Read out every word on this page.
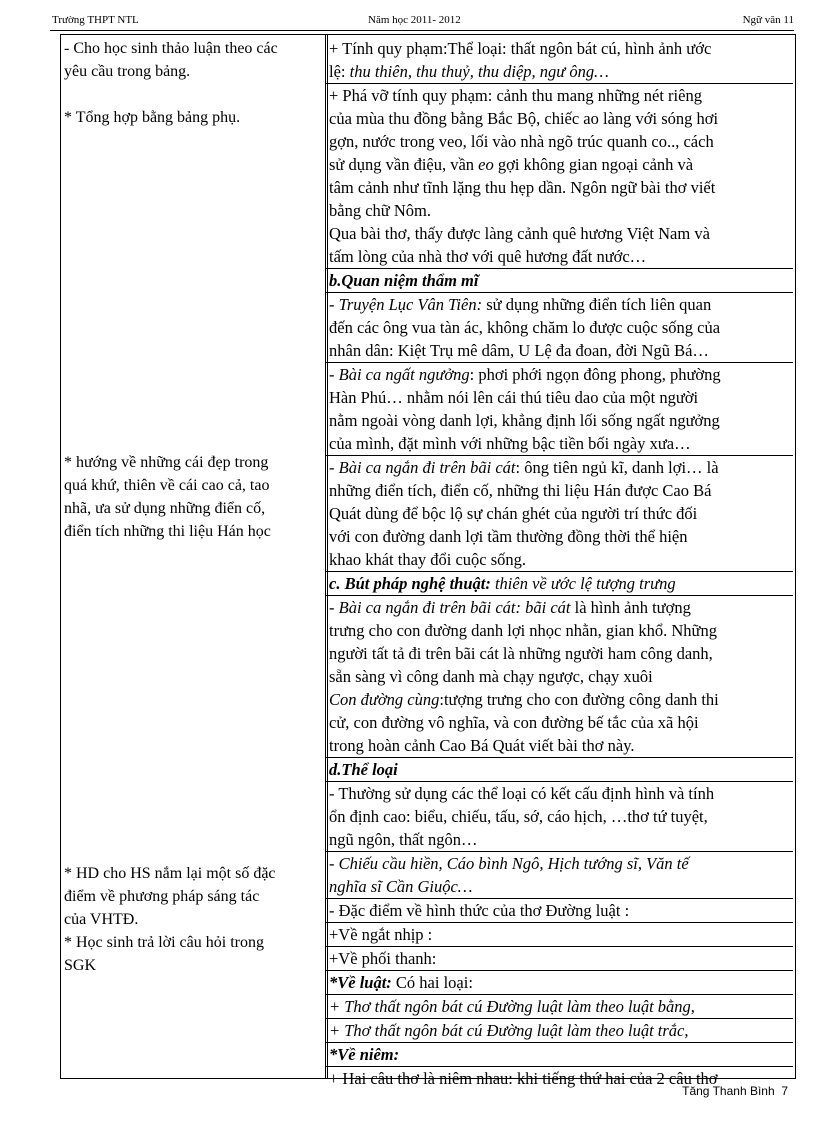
Trường THPT NTL	Năm học 2011- 2012	Ngữ văn 11
- Cho học sinh thảo luận theo các
yêu cầu trong bảng.
* Tổng hợp bằng bảng phụ.
* hướng về những cái đẹp trong
quá khứ, thiên về cái cao cả, tao
nhã, ưa sử dụng những điển cố,
điển tích những thi liệu Hán học
* HD cho HS nắm lại một số đặc
điểm về phương pháp sáng tác
của VHTĐ.
* Học sinh trả lời câu hỏi trong
SGK
+ Tính quy phạm:Thể loại: thất ngôn bát cú, hình ảnh ước
lệ: thu thiên, thu thuỷ, thu diệp, ngư ông…
+ Phá vỡ tính quy phạm: cảnh thu mang những nét riêng
của mùa thu đồng bằng Bắc Bộ, chiếc ao làng với sóng hơi
gợn, nước trong veo, lối vào nhà ngõ trúc quanh co.., cách
sử dụng vần điệu, vần eo gợi không gian ngoại cảnh và
tâm cảnh như tĩnh lặng thu hẹp dần. Ngôn ngữ bài thơ viết
bằng chữ Nôm.
Qua bài thơ, thấy được làng cảnh quê hương Việt Nam và
tấm lòng của nhà thơ với quê hương đất nước…
b.Quan niệm thẩm mĩ
- Truyện Lục Vân Tiên: sử dụng những điển tích liên quan
đến các ông vua tàn ác, không chăm lo được cuộc sống của
nhân dân: Kiệt Trụ mê dâm, U Lệ đa đoan, đời Ngũ Bá…
- Bài ca ngất ngưởng: phơi phới ngọn đông phong, phường
Hàn Phú… nhằm nói lên cái thú tiêu dao của một người
nằm ngoài vòng danh lợi, khẳng định lối sống ngất ngưởng
của mình, đặt mình với những bậc tiền bối ngày xưa…
- Bài ca ngắn đi trên bãi cát: ông tiên ngủ kĩ, danh lợi… là
những điển tích, điển cố, những thi liệu Hán được Cao Bá
Quát dùng để bộc lộ sự chán ghét của người trí thức đối
với con đường danh lợi tầm thường đồng thời thể hiện
khao khát thay đổi cuộc sống.
c. Bút pháp nghệ thuật: thiên về ước lệ tượng trưng
- Bài ca ngắn đi trên bãi cát: bãi cát là hình ảnh tượng
trưng cho con đường danh lợi nhọc nhằn, gian khổ. Những
người tất tả đi trên bãi cát là những người ham công danh,
sẵn sàng vì công danh mà chạy ngược, chạy xuôi
Con đường cùng:tượng trưng cho con đường công danh thi
cử, con đường vô nghĩa, và con đường bế tắc của xã hội
trong hoàn cảnh Cao Bá Quát viết bài thơ này.
d.Thể loại
- Thường sử dụng các thể loại có kết cấu định hình và tính
ổn định cao: biểu, chiếu, tấu, sớ, cáo hịch, …thơ tứ tuyệt,
ngũ ngôn, thất ngôn…
- Chiếu cầu hiền, Cáo bình Ngô, Hịch tướng sĩ, Văn tế
nghĩa sĩ Cần Giuộc…
- Đặc điểm về hình thức của thơ Đường luật :
+Về ngắt nhịp :
+Về phối thanh:
*Về luật: Có hai loại:
+ Thơ thất ngôn bát cú Đường luật làm theo luật bằng,
+ Thơ thất ngôn bát cú Đường luật làm theo luật trắc,
*Về niêm:
+ Hai câu thơ là niêm nhau: khi tiếng thứ hai của 2 câu thơ
Tăng Thanh Bình 7
